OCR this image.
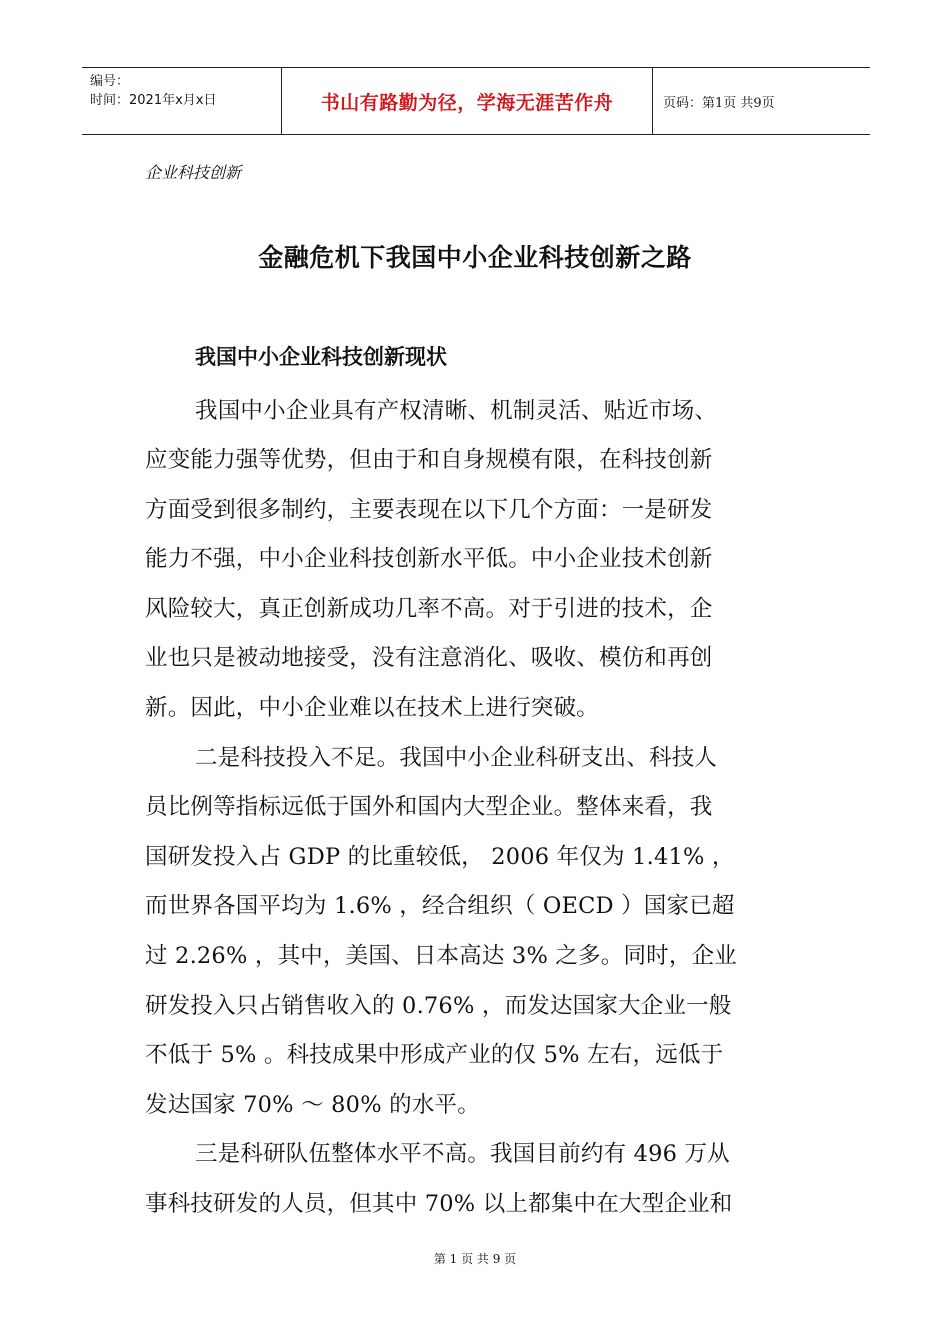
编号：
时间：2021年x月x日	书山有路勤为径，学海无涯苦作舟	页码：第1页 共9页
企业科技创新
金融危机下我国中小企业科技创新之路
我国中小企业科技创新现状
我国中小企业具有产权清晰、机制灵活、贴近市场、
应变能力强等优势，但由于和自身规模有限，在科技创新
方面受到很多制约，主要表现在以下几个方面：一是研发
能力不强，中小企业科技创新水平低。中小企业技术创新
风险较大，真正创新成功几率不高。对于引进的技术，企
业也只是被动地接受，没有注意消化、吸收、模仿和再创
新。因此，中小企业难以在技术上进行突破。
二是科技投入不足。我国中小企业科研支出、科技人
员比例等指标远低于国外和国内大型企业。整体来看，我
国研发投入占 GDP 的比重较低， 2006 年仅为 1.41% ，
而世界各国平均为 1.6% ，经合组织（ OECD ）国家已超
过 2.26% ，其中，美国、日本高达 3% 之多。同时，企业
研发投入只占销售收入的 0.76% ，而发达国家大企业一般
不低于 5% 。科技成果中形成产业的仅 5% 左右，远低于
发达国家 70% ～ 80% 的水平。
三是科研队伍整体水平不高。我国目前约有 496 万从
事科技研发的人员，但其中 70% 以上都集中在大型企业和
第 1 页 共 9 页
